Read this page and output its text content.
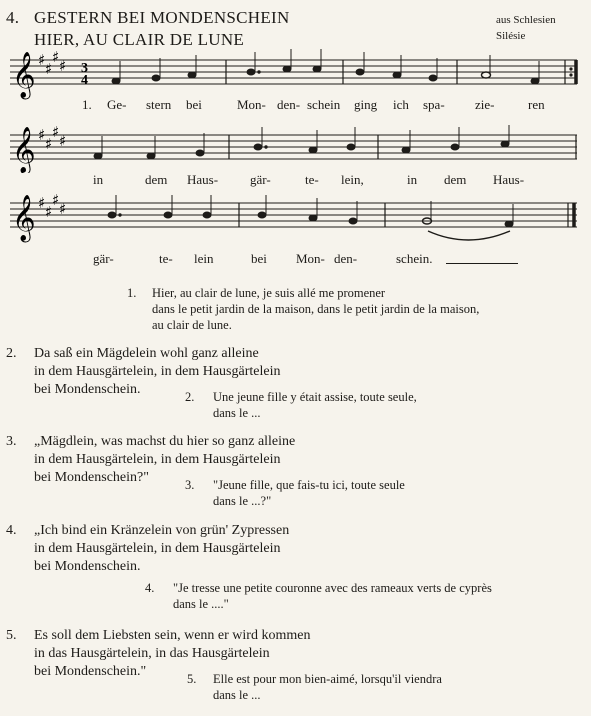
4. GESTERN BEI MONDENSCHEIN
HIER, AU CLAIR DE LUNE
aus Schlesien
Silésie
𝄞 ♯ ♯
♯ ♯ 3
4
1. Ge- stern bei	Mon- den- schein ging ich spa- zie-	ren
𝄞 ♯ ♯
♯ ♯
in	dem Haus- gär-	te- lein,	in dem Haus-
𝄞 ♯ ♯
♯ ♯
gär-	te- lein	bei Mon- den-	schein.
1. Hier, au clair de lune, je suis allé me promener
dans le petit jardin de la maison, dans le petit jardin de la maison,
au clair de lune.
2. Da saß ein Mägdelein wohl ganz alleine
in dem Hausgärtelein, in dem Hausgärtelein
bei Mondenschein.	2. Une jeune fille y était assise, toute seule,
dans le ...
3. „Mägdlein, was machst du hier so ganz alleine
in dem Hausgärtelein, in dem Hausgärtelein
bei Mondenschein?"	3. "Jeune fille, que fais-tu ici, toute seule
dans le ...?"
4. „Ich bind ein Kränzelein von grün' Zypressen
in dem Hausgärtelein, in dem Hausgärtelein
bei Mondenschein.
4. "Je tresse une petite couronne avec des rameaux verts de cyprès
dans le ...."
5. Es soll dem Liebsten sein, wenn er wird kommen
in das Hausgärtelein, in das Hausgärtelein
bei Mondenschein."	5. Elle est pour mon bien-aimé, lorsqu'il viendra
dans le ...
